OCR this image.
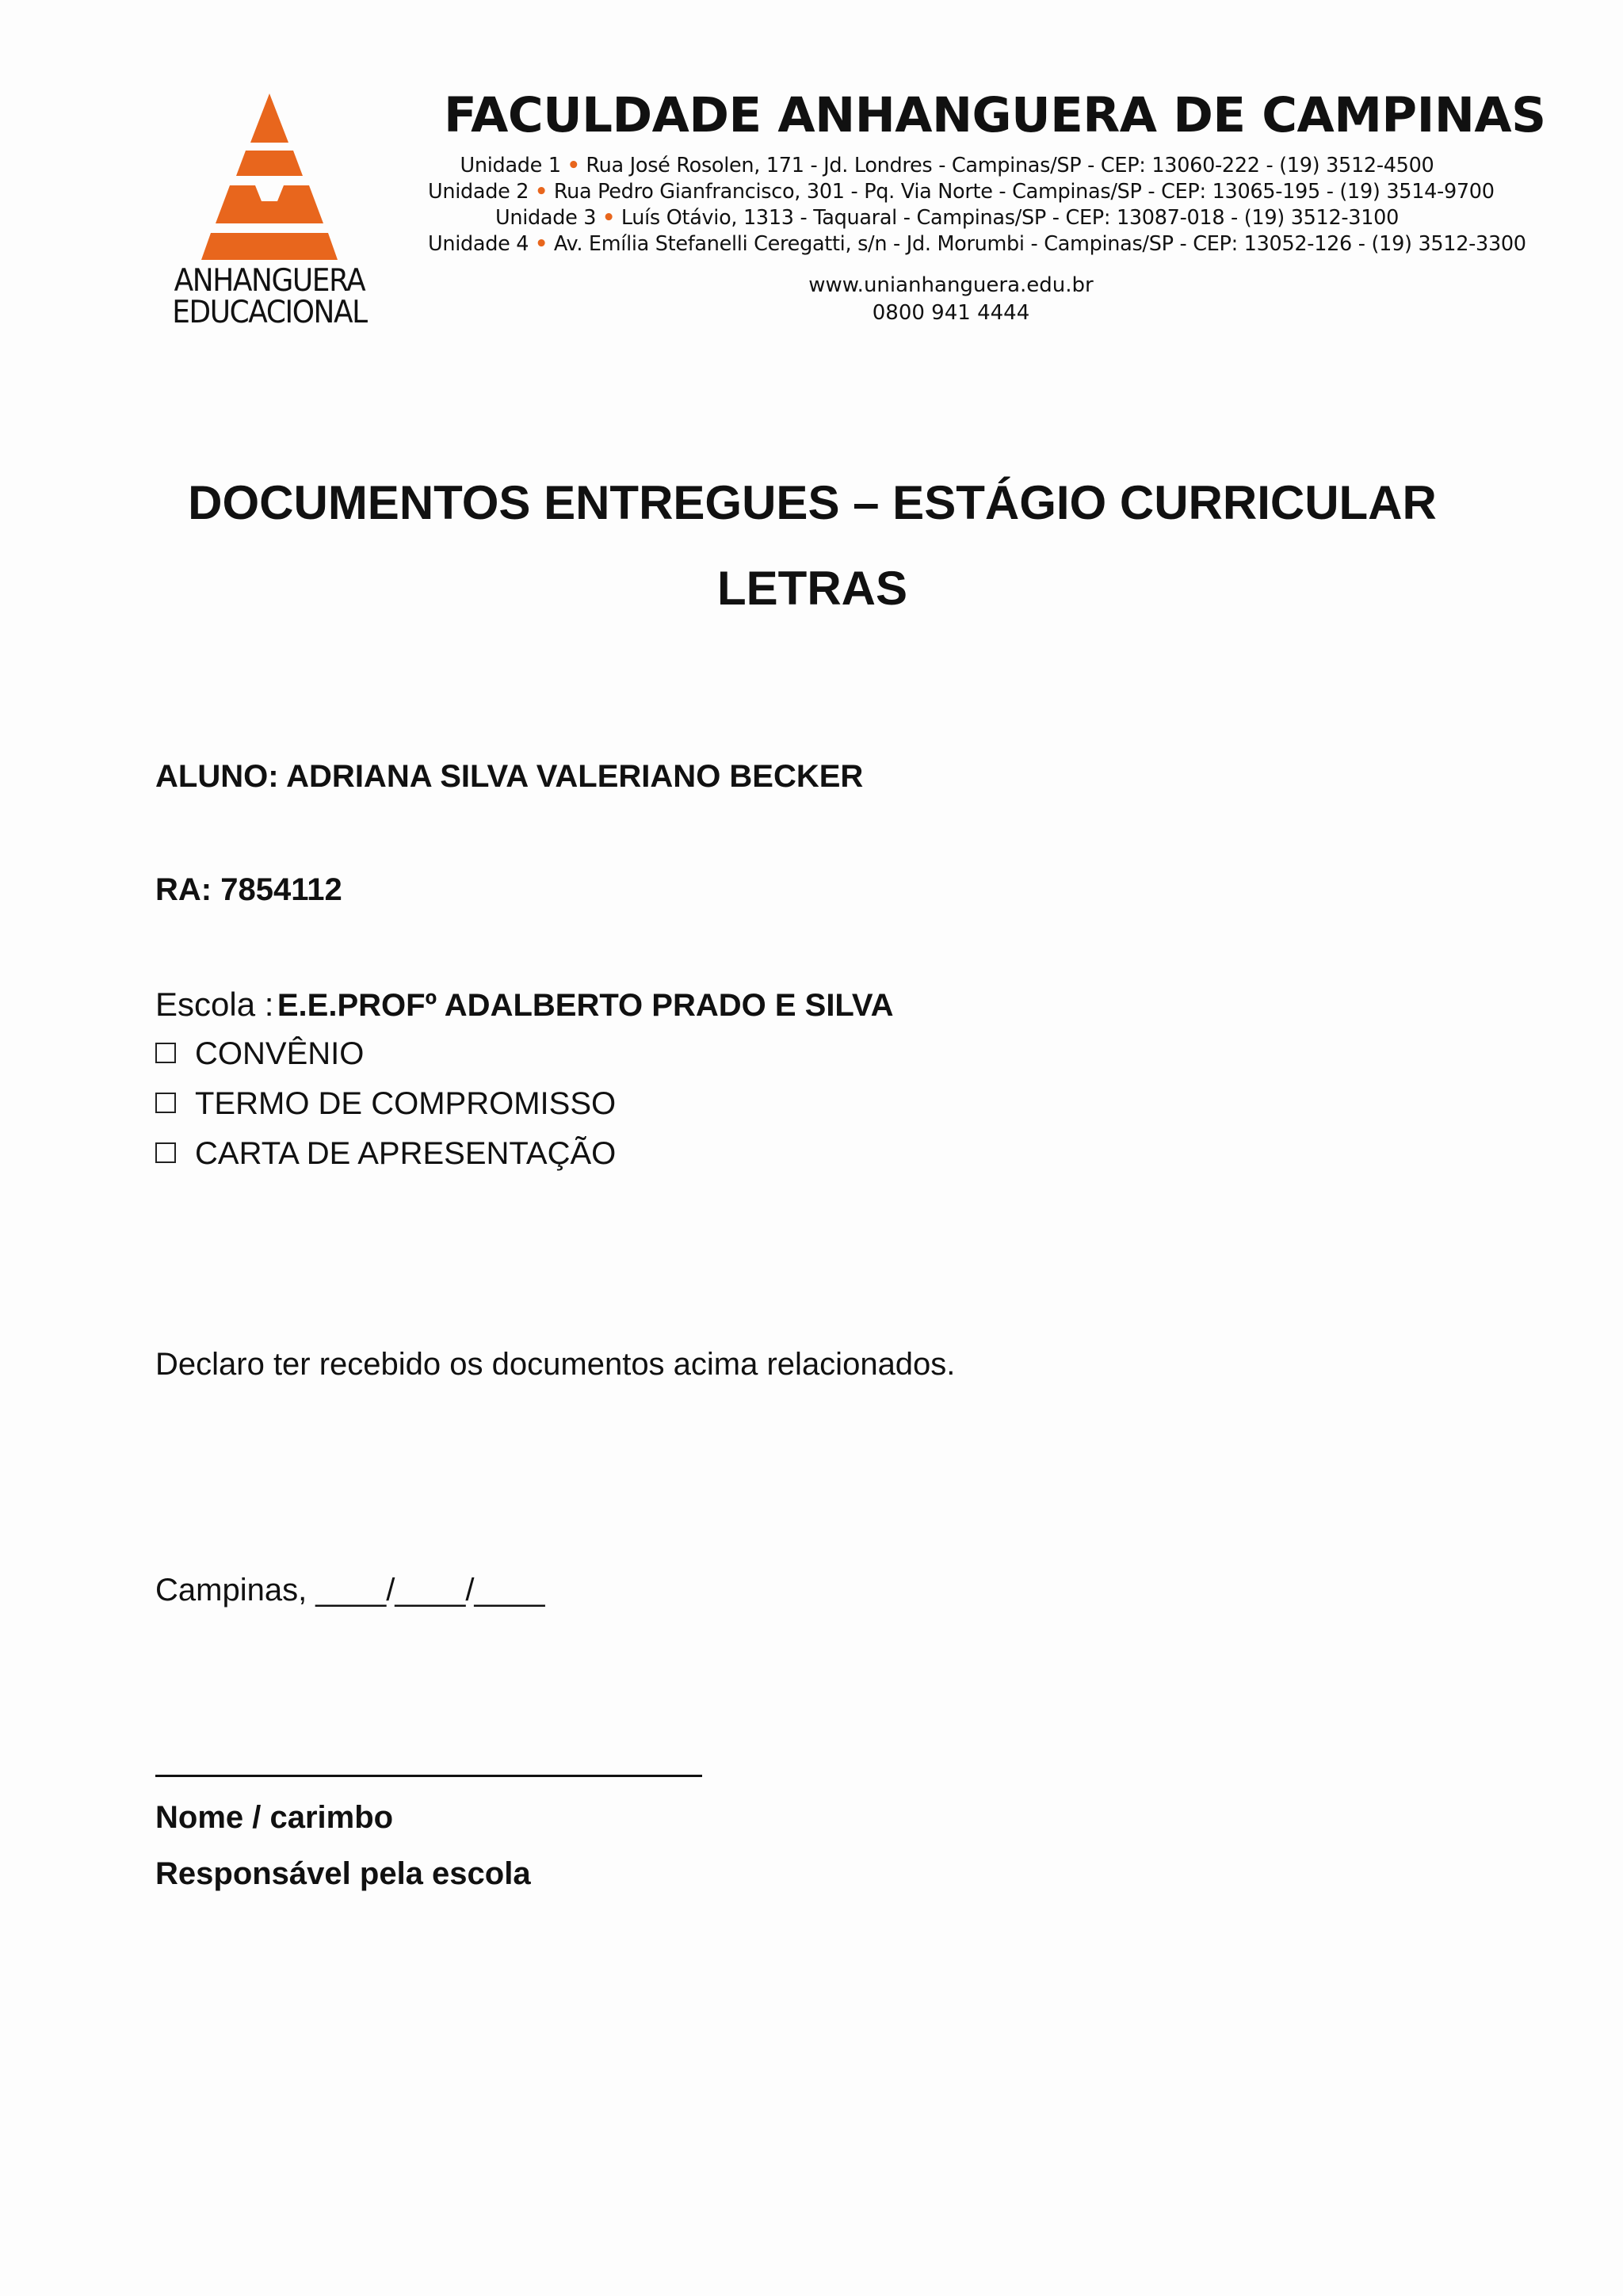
ANHANGUERA
EDUCACIONAL
FACULDADE ANHANGUERA DE CAMPINAS
Unidade 1 • Rua José Rosolen, 171 - Jd. Londres - Campinas/SP - CEP: 13060-222 - (19) 3512-4500
Unidade 2 • Rua Pedro Gianfrancisco, 301 - Pq. Via Norte - Campinas/SP - CEP: 13065-195 - (19) 3514-9700
Unidade 3 • Luís Otávio, 1313 - Taquaral - Campinas/SP - CEP: 13087-018 - (19) 3512-3100
Unidade 4 • Av. Emília Stefanelli Ceregatti, s/n - Jd. Morumbi - Campinas/SP - CEP: 13052-126 - (19) 3512-3300
www.unianhanguera.edu.br
0800 941 4444
DOCUMENTOS ENTREGUES – ESTÁGIO CURRICULAR
LETRAS
ALUNO: ADRIANA SILVA VALERIANO BECKER
RA: 7854112
Escola : E.E.PROFº ADALBERTO PRADO E SILVA
CONVÊNIO
TERMO DE COMPROMISSO
CARTA DE APRESENTAÇÃO
Declaro ter recebido os documentos acima relacionados.
Campinas, ____/____/____
Nome / carimbo
Responsável pela escola
